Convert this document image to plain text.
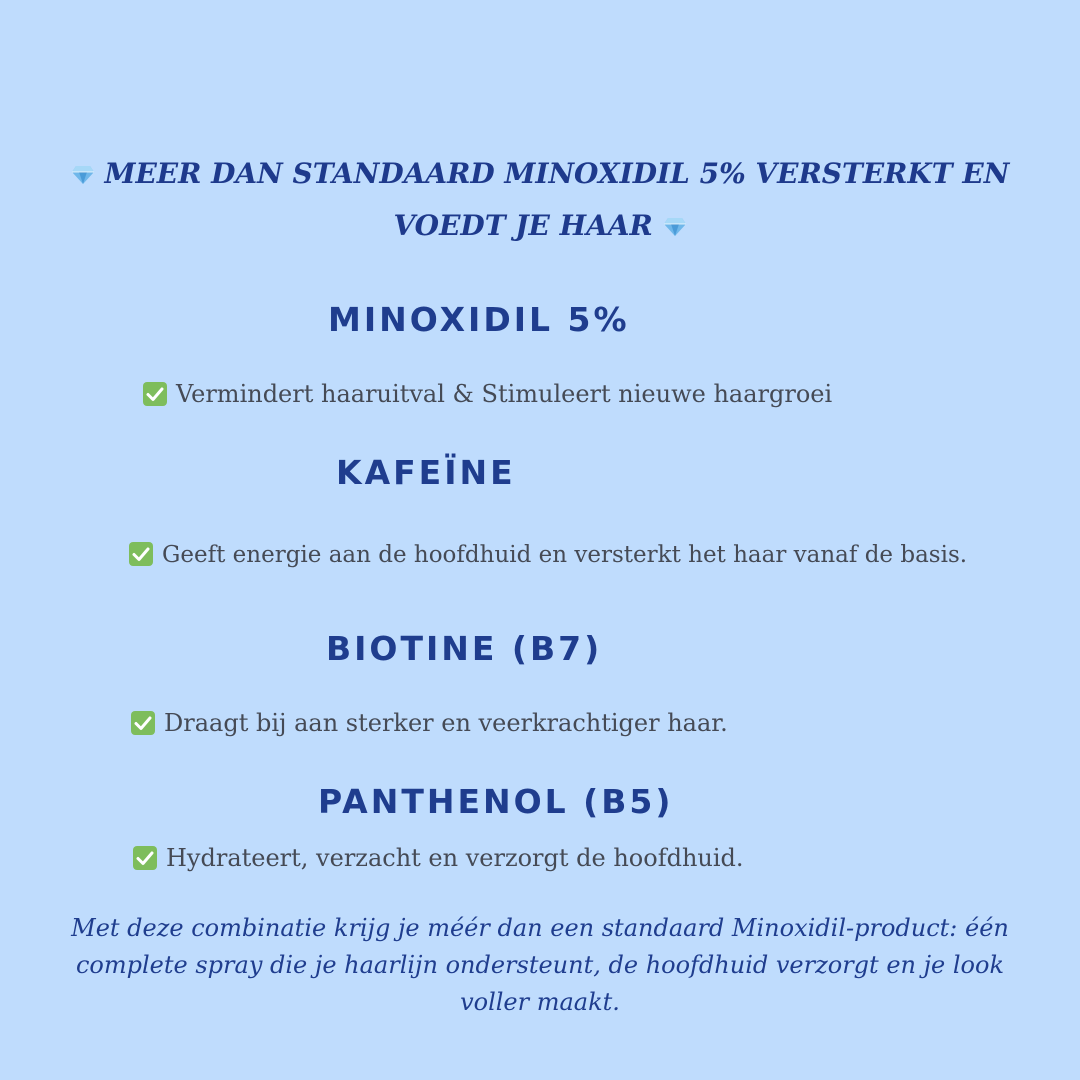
MEER DAN STANDAARD MINOXIDIL 5% VERSTERKT EN
VOEDT JE HAAR
MINOXIDIL 5%
Vermindert haaruitval & Stimuleert nieuwe haargroei
KAFEÏNE
Geeft energie aan de hoofdhuid en versterkt het haar vanaf de basis.
BIOTINE (B7)
Draagt bij aan sterker en veerkrachtiger haar.
PANTHENOL (B5)
Hydrateert, verzacht en verzorgt de hoofdhuid.
Met deze combinatie krijg je méér dan een standaard Minoxidil-product: één complete spray die je haarlijn ondersteunt, de hoofdhuid verzorgt en je look voller maakt.
